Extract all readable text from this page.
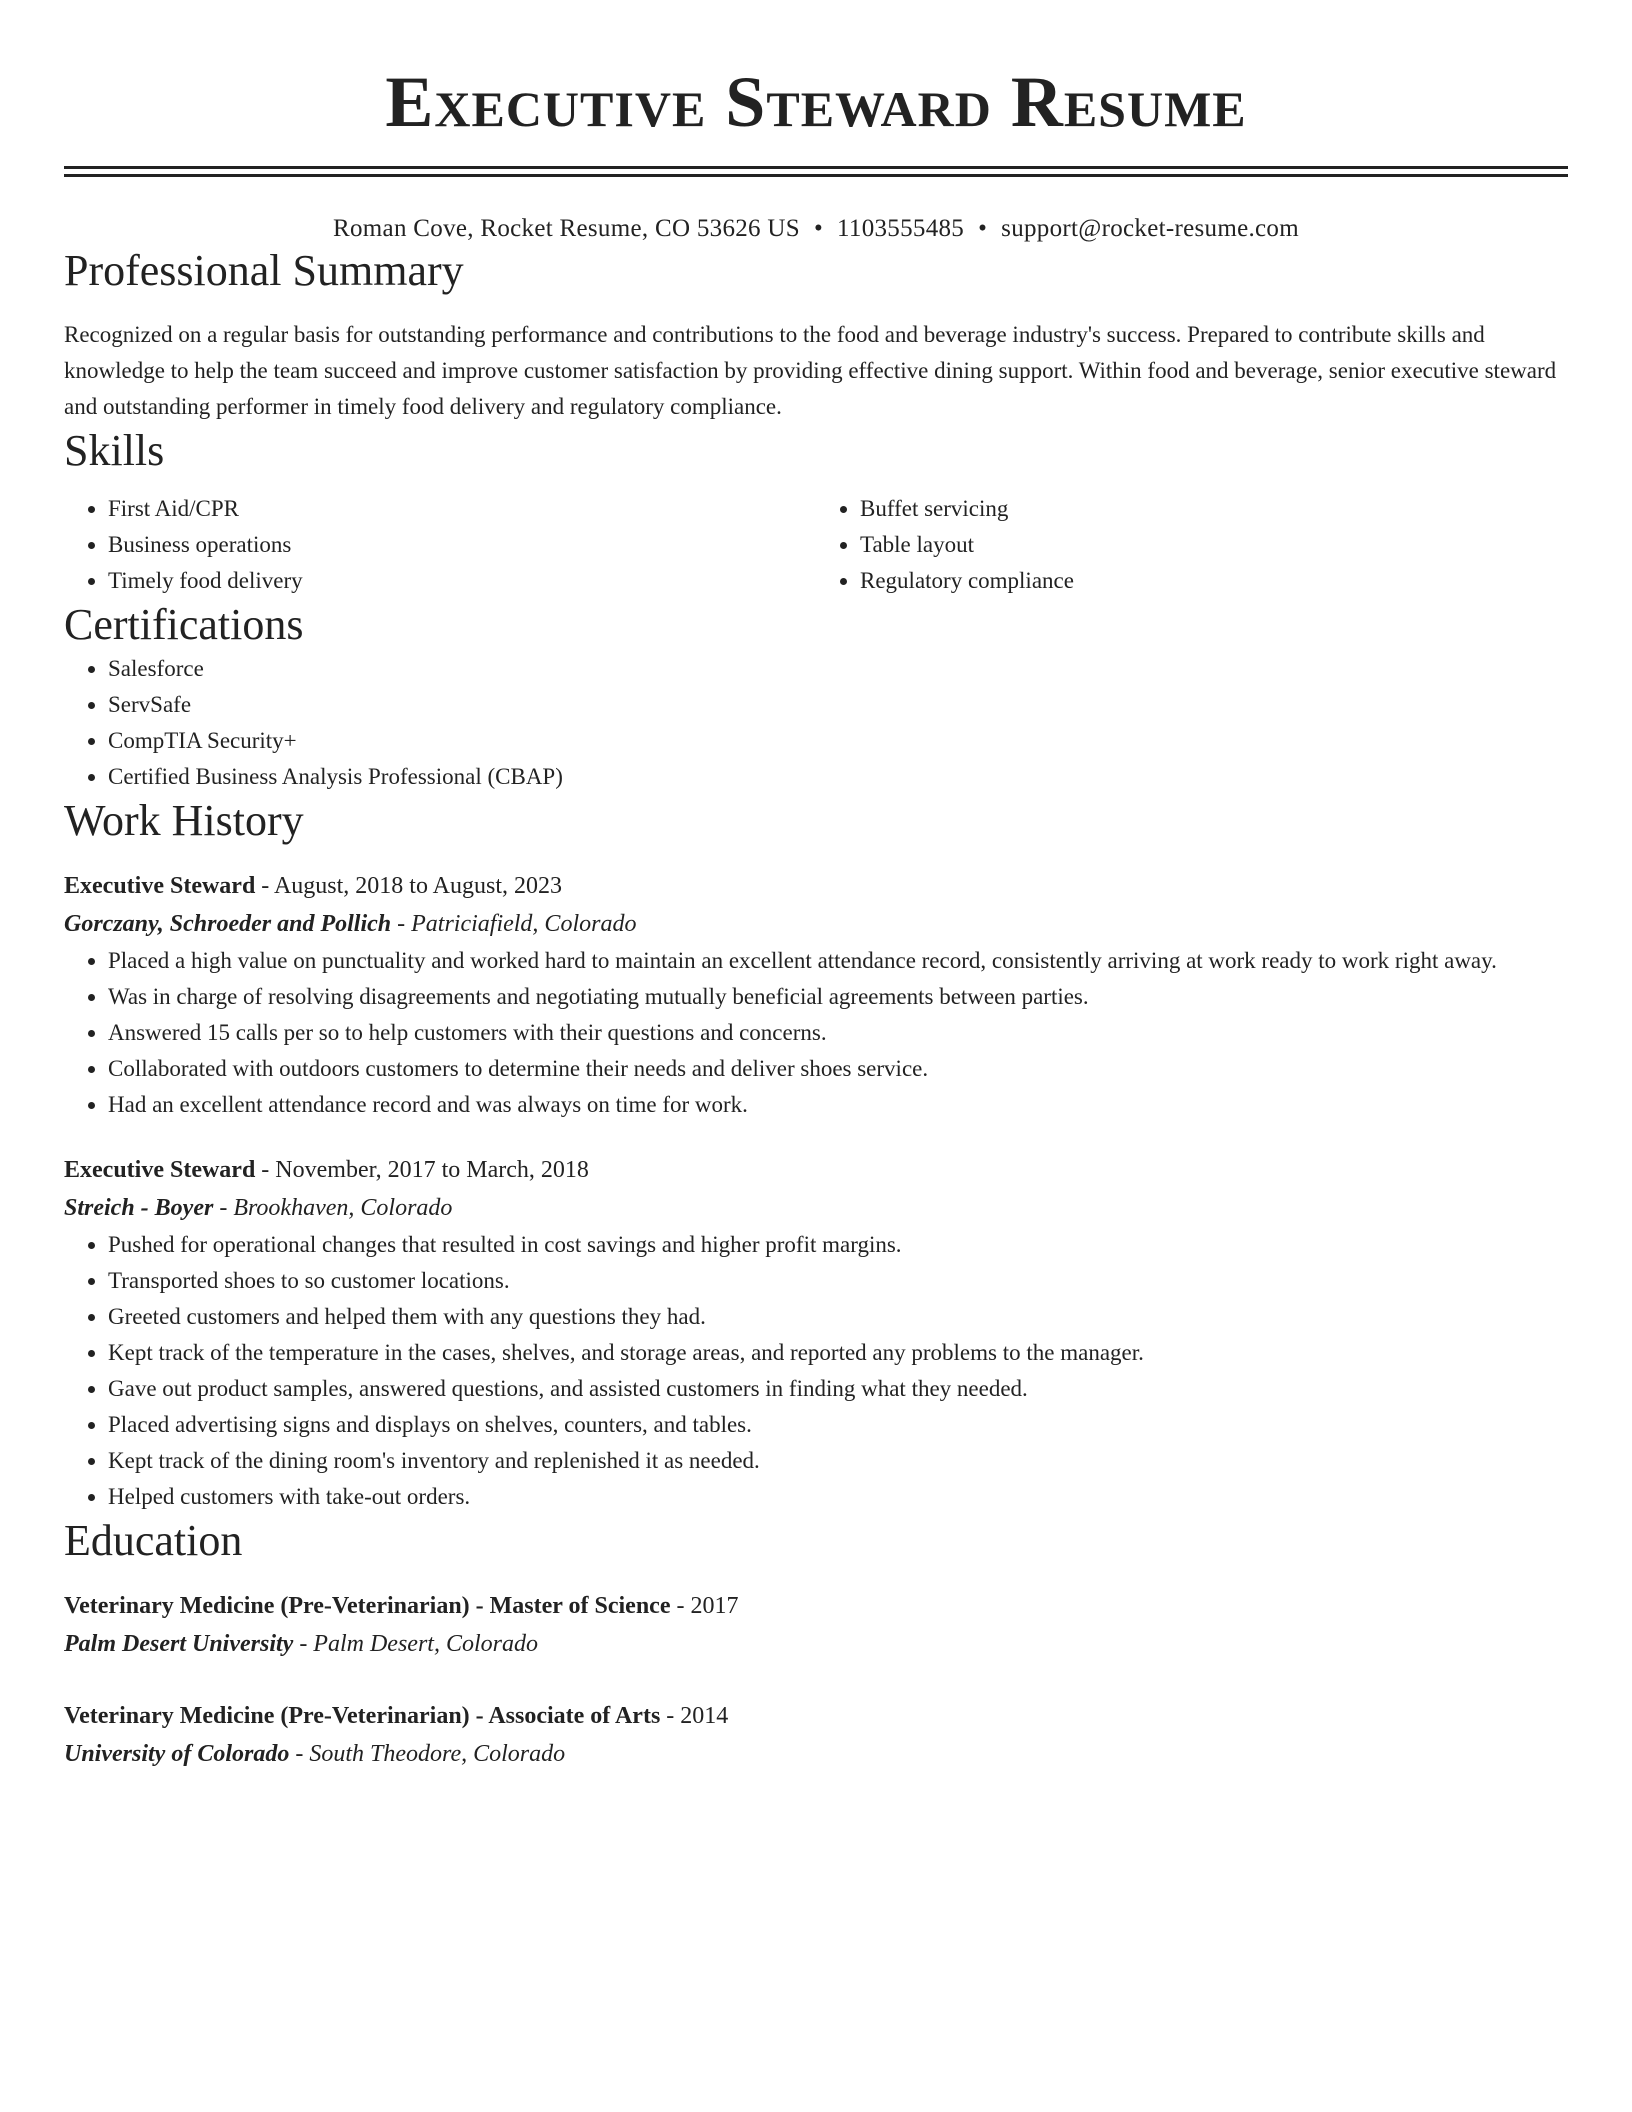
Executive Steward Resume
Roman Cove, Rocket Resume, CO 53626 US • 1103555485 • support@rocket-resume.com
Professional Summary

Recognized on a regular basis for outstanding performance and contributions to the food and beverage industry's success. Prepared to contribute skills and knowledge to help the team succeed and improve customer satisfaction by providing effective dining support. Within food and beverage, senior executive steward and outstanding performer in timely food delivery and regulatory compliance.

Skills
• First Aid/CPR
• Business operations
• Timely food delivery
• Buffet servicing
• Table layout
• Regulatory compliance
Certifications
• Salesforce
• ServSafe
• CompTIA Security+
• Certified Business Analysis Professional (CBAP)
Work History
Executive Steward - August, 2018 to August, 2023
Gorczany, Schroeder and Pollich - Patriciafield, Colorado
• Placed a high value on punctuality and worked hard to maintain an excellent attendance record, consistently arriving at work ready to work right away.
• Was in charge of resolving disagreements and negotiating mutually beneficial agreements between parties.
• Answered 15 calls per so to help customers with their questions and concerns.
• Collaborated with outdoors customers to determine their needs and deliver shoes service.
• Had an excellent attendance record and was always on time for work.
Executive Steward - November, 2017 to March, 2018
Streich - Boyer - Brookhaven, Colorado
• Pushed for operational changes that resulted in cost savings and higher profit margins.
• Transported shoes to so customer locations.
• Greeted customers and helped them with any questions they had.
• Kept track of the temperature in the cases, shelves, and storage areas, and reported any problems to the manager.
• Gave out product samples, answered questions, and assisted customers in finding what they needed.
• Placed advertising signs and displays on shelves, counters, and tables.
• Kept track of the dining room's inventory and replenished it as needed.
• Helped customers with take-out orders.
Education
Veterinary Medicine (Pre-Veterinarian) - Master of Science - 2017
Palm Desert University - Palm Desert, Colorado
Veterinary Medicine (Pre-Veterinarian) - Associate of Arts - 2014
University of Colorado - South Theodore, Colorado
